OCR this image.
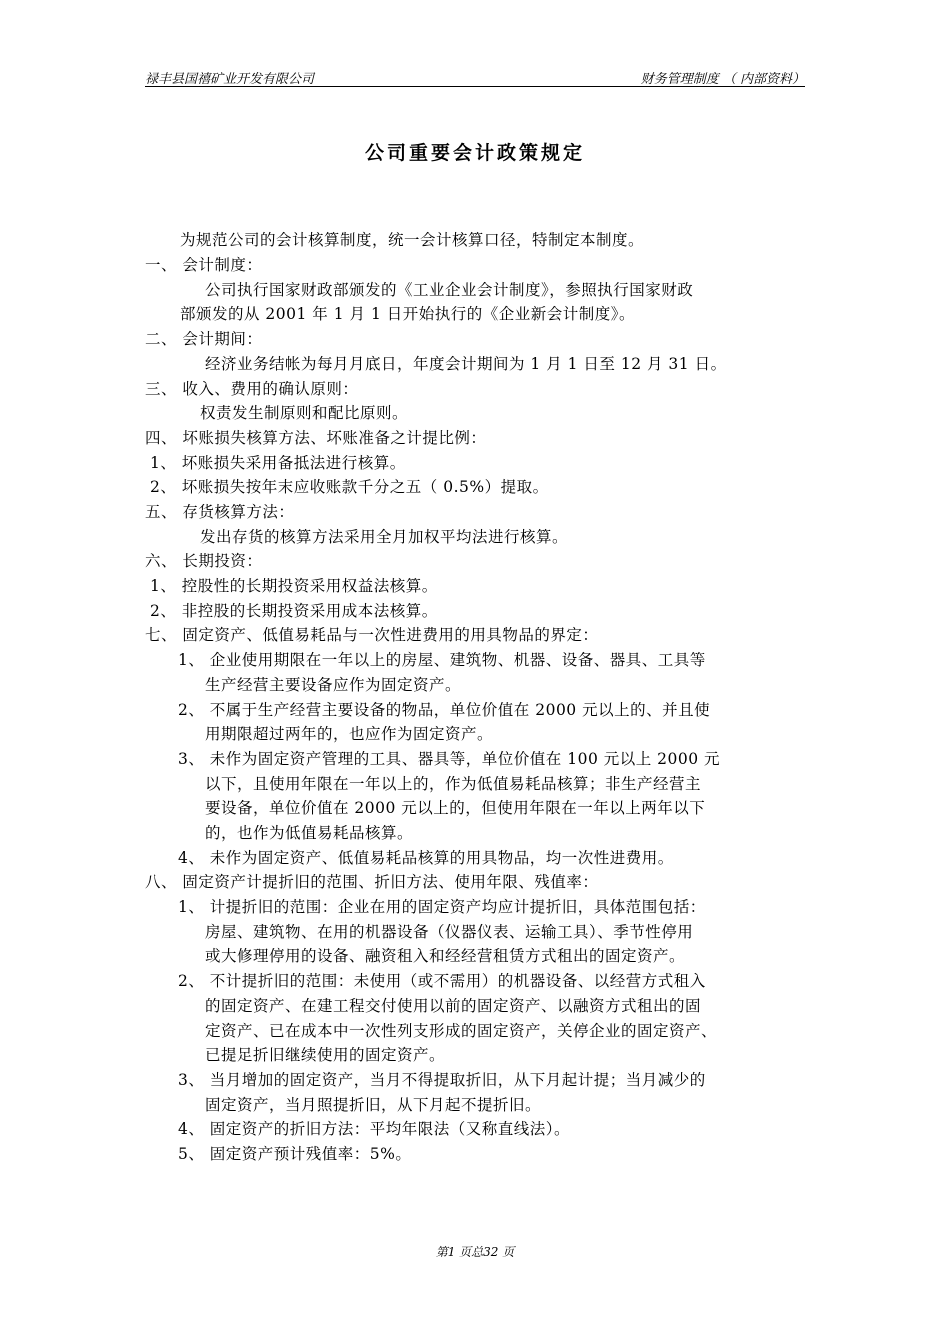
禄丰县国禧矿业开发有限公司	财务管理制度 （ 内部资料）
公司重要会计政策规定
为规范公司的会计核算制度，统一会计核算口径，特制定本制度。
一、 会计制度：
公司执行国家财政部颁发的《工业企业会计制度》，参照执行国家财政
部颁发的从 2001 年 1 月 1 日开始执行的《企业新会计制度》。
二、 会计期间：
经济业务结帐为每月月底日，年度会计期间为 1 月 1 日至 12 月 31 日。
三、 收入、费用的确认原则：
权责发生制原则和配比原则。
四、 坏账损失核算方法、坏账准备之计提比例：
1、 坏账损失采用备抵法进行核算。
2、 坏账损失按年末应收账款千分之五（ 0.5%）提取。
五、 存货核算方法：
发出存货的核算方法采用全月加权平均法进行核算。
六、 长期投资：
1、 控股性的长期投资采用权益法核算。
2、 非控股的长期投资采用成本法核算。
七、 固定资产、低值易耗品与一次性进费用的用具物品的界定：
1、 企业使用期限在一年以上的房屋、建筑物、机器、设备、器具、工具等
生产经营主要设备应作为固定资产。
2、 不属于生产经营主要设备的物品，单位价值在 2000 元以上的、并且使
用期限超过两年的，也应作为固定资产。
3、 未作为固定资产管理的工具、器具等，单位价值在 100 元以上 2000 元
以下，且使用年限在一年以上的，作为低值易耗品核算；非生产经营主
要设备，单位价值在 2000 元以上的，但使用年限在一年以上两年以下
的，也作为低值易耗品核算。
4、 未作为固定资产、低值易耗品核算的用具物品，均一次性进费用。
八、 固定资产计提折旧的范围、折旧方法、使用年限、残值率：
1、 计提折旧的范围：企业在用的固定资产均应计提折旧，具体范围包括：
房屋、建筑物、在用的机器设备（仪器仪表、运输工具）、季节性停用
或大修理停用的设备、融资租入和经经营租赁方式租出的固定资产。
2、 不计提折旧的范围：未使用（或不需用）的机器设备、以经营方式租入
的固定资产、在建工程交付使用以前的固定资产、以融资方式租出的固
定资产、已在成本中一次性列支形成的固定资产，关停企业的固定资产、
已提足折旧继续使用的固定资产。
3、 当月增加的固定资产，当月不得提取折旧，从下月起计提；当月减少的
固定资产，当月照提折旧，从下月起不提折旧。
4、 固定资产的折旧方法：平均年限法（又称直线法）。
5、 固定资产预计残值率：5%。
第1 页总32 页
